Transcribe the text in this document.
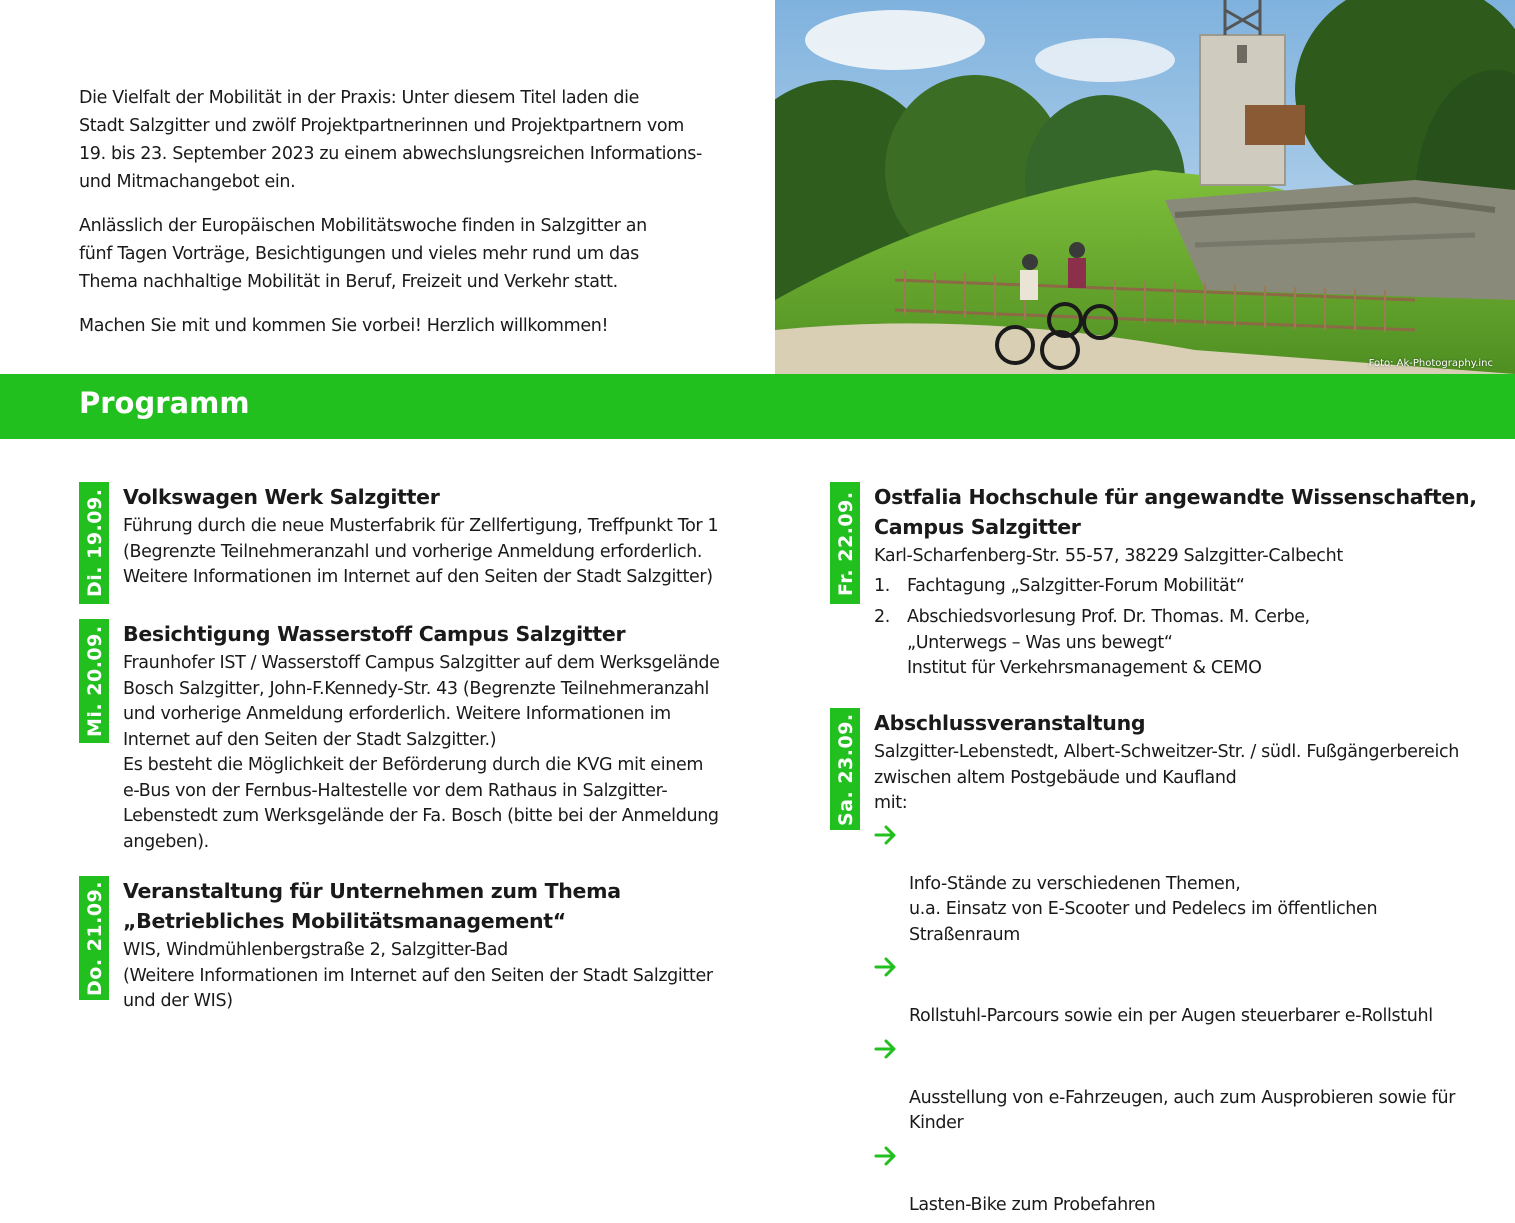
Die Vielfalt der Mobilität in der Praxis: Unter diesem Titel laden die
Stadt Salzgitter und zwölf Projektpartnerinnen und Projektpartnern vom
19. bis 23. September 2023 zu einem abwechslungsreichen Informations-
und Mitmachangebot ein.

Anlässlich der Europäischen Mobilitätswoche finden in Salzgitter an
fünf Tagen Vorträge, Besichtigungen und vieles mehr rund um das
Thema nachhaltige Mobilität in Beruf, Freizeit und Verkehr statt.

Machen Sie mit und kommen Sie vorbei! Herzlich willkommen!

Foto: Ak-Photography.inc
Programm
Di. 19.09. Volkswagen Werk Salzgitter
Führung durch die neue Musterfabrik für Zellfertigung, Treffpunkt Tor 1
(Begrenzte Teilnehmeranzahl und vorherige Anmeldung erforderlich.
Weitere Informationen im Internet auf den Seiten der Stadt Salzgitter)
Mi. 20.09. Besichtigung Wasserstoff Campus Salzgitter
Fraunhofer IST / Wasserstoff Campus Salzgitter auf dem Werksgelände
Bosch Salzgitter, John-F.Kennedy-Str. 43 (Begrenzte Teilnehmeranzahl
und vorherige Anmeldung erforderlich. Weitere Informationen im
Internet auf den Seiten der Stadt Salzgitter.)
Es besteht die Möglichkeit der Beförderung durch die KVG mit einem
e-Bus von der Fernbus-Haltestelle vor dem Rathaus in Salzgitter-
Lebenstedt zum Werksgelände der Fa. Bosch (bitte bei der Anmeldung
angeben).
Do. 21.09. Veranstaltung für Unternehmen zum Thema
„Betriebliches Mobilitätsmanagement“
WIS, Windmühlenbergstraße 2, Salzgitter-Bad
(Weitere Informationen im Internet auf den Seiten der Stadt Salzgitter
und der WIS)
Fr. 22.09. Ostfalia Hochschule für angewandte Wissenschaften,
Campus Salzgitter
Karl-Scharfenberg-Str. 55-57, 38229 Salzgitter-Calbecht
1. Fachtagung „Salzgitter-Forum Mobilität“
2. Abschiedsvorlesung Prof. Dr. Thomas. M. Cerbe,
„Unterwegs – Was uns bewegt“
Institut für Verkehrsmanagement & CEMO
Sa. 23.09. Abschlussveranstaltung
Salzgitter-Lebenstedt, Albert-Schweitzer-Str. / südl. Fußgängerbereich
zwischen altem Postgebäude und Kaufland
mit:

Info-Stände zu verschiedenen Themen,
u.a. Einsatz von E-Scooter und Pedelecs im öffentlichen
Straßenraum

Rollstuhl-Parcours sowie ein per Augen steuerbarer e-Rollstuhl

Ausstellung von e-Fahrzeugen, auch zum Ausprobieren sowie für
Kinder

Lasten-Bike zum Probefahren
